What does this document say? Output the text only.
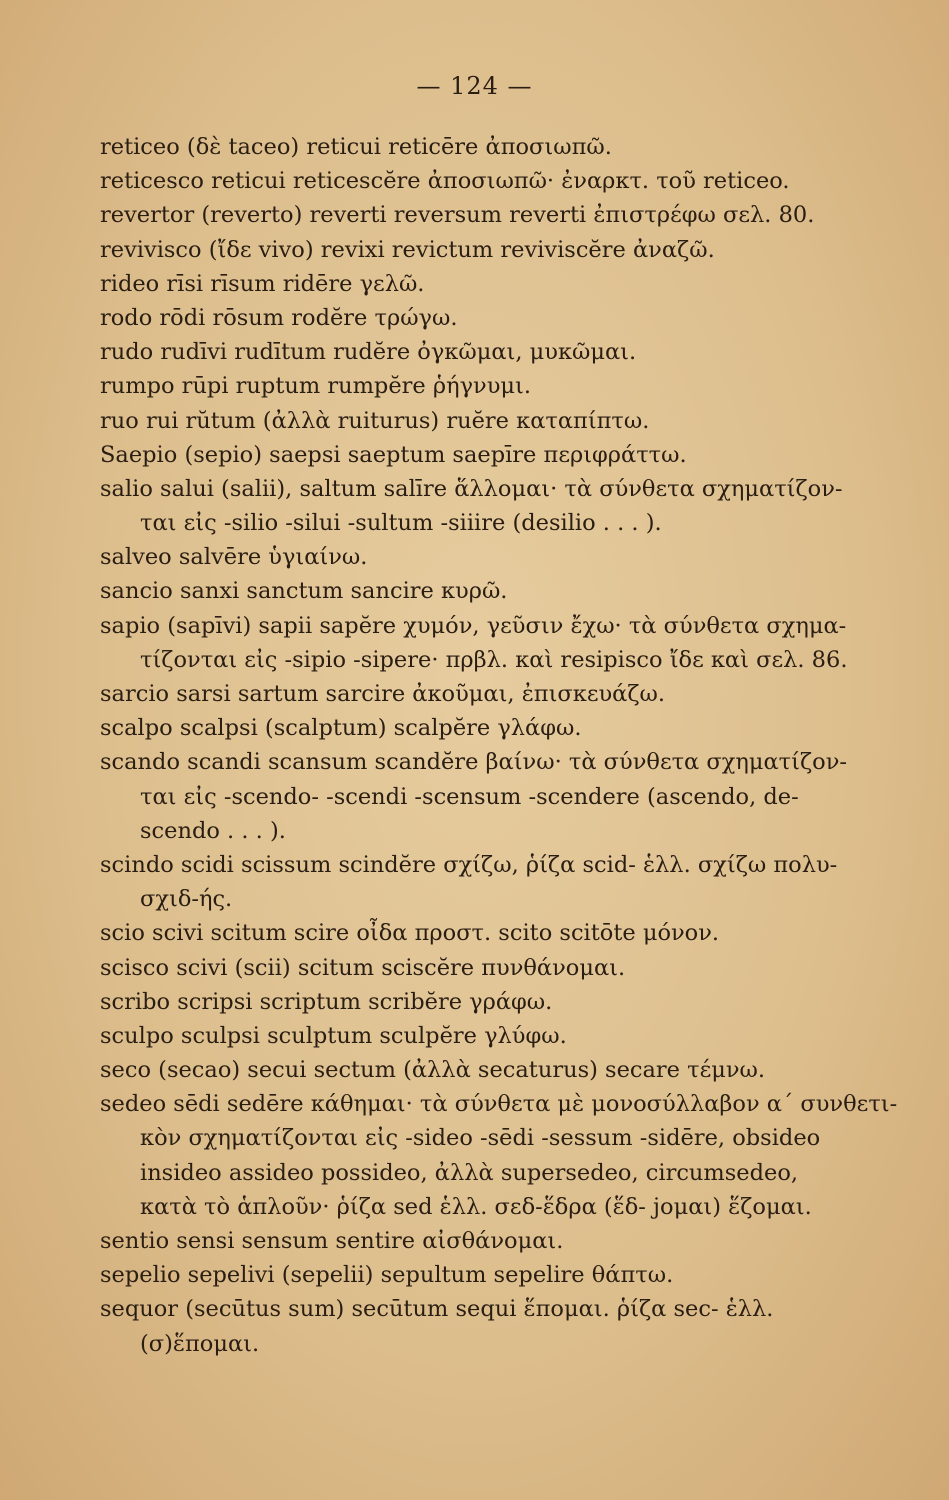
— 124 —
reticeo (δὲ taceo) reticui reticēre ἀποσιωπῶ.
reticesco reticui reticescĕre ἀποσιωπῶ· ἐναρκτ. τοῦ reticeo.
revertor (reverto) reverti reversum reverti ἐπιστρέφω σελ. 80.
revivisco (ἴδε vivo) revixi revictum reviviscĕre ἀναζῶ.
rideo rīsi rīsum ridēre γελῶ.
rodo rōdi rōsum rodĕre τρώγω.
rudo rudīvi rudītum rudĕre ὀγκῶμαι, μυκῶμαι.
rumpo rūpi ruptum rumpĕre ῥήγνυμι.
ruo rui rŭtum (ἀλλὰ ruiturus) ruĕre καταπίπτω.
Saepio (sepio) saepsi saeptum saepīre περιφράττω.
salio salui (salii), saltum salīre ἅλλομαι· τὰ σύνθετα σχηματίζον-
ται εἰς -silio -silui -sultum -siiire (desilio . . . ).
salveo salvēre ὑγιαίνω.
sancio sanxi sanctum sancire κυρῶ.
sapio (sapīvi) sapii sapĕre χυμόν, γεῦσιν ἔχω· τὰ σύνθετα σχημα-
τίζονται εἰς -sipio -sipere· πρβλ. καὶ resipisco ἴδε καὶ σελ. 86.
sarcio sarsi sartum sarcire ἀκοῦμαι, ἐπισκευάζω.
scalpo scalpsi (scalptum) scalpĕre γλάφω.
scando scandi scansum scandĕre βαίνω· τὰ σύνθετα σχηματίζον-
ται εἰς -scendo- -scendi -scensum -scendere (ascendo, de-
scendo . . . ).
scindo scidi scissum scindĕre σχίζω, ῥίζα scid- ἑλλ. σχίζω πολυ-
σχιδ-ής.
scio scivi scitum scire οἶδα προστ. scito scitōte μόνον.
scisco scivi (scii) scitum sciscĕre πυνθάνομαι.
scribo scripsi scriptum scribĕre γράφω.
sculpo sculpsi sculptum sculpĕre γλύφω.
seco (secao) secui sectum (ἀλλὰ secaturus) secare τέμνω.
sedeo sēdi sedēre κάθημαι· τὰ σύνθετα μὲ μονοσύλλαβον α´ συνθετι-
κὸν σχηματίζονται εἰς -sideo -sēdi -sessum -sidēre, obsideo
insideo assideo possideo, ἀλλὰ supersedeo, circumsedeo,
κατὰ τὸ ἁπλοῦν· ῥίζα sed ἑλλ. σεδ-ἕδρα (ἕδ- jομαι) ἕζομαι.
sentio sensi sensum sentire αἰσθάνομαι.
sepelio sepelivi (sepelii) sepultum sepelire θάπτω.
sequor (secūtus sum) secūtum sequi ἕπομαι. ῥίζα sec- ἑλλ.
(σ)ἕπομαι.
